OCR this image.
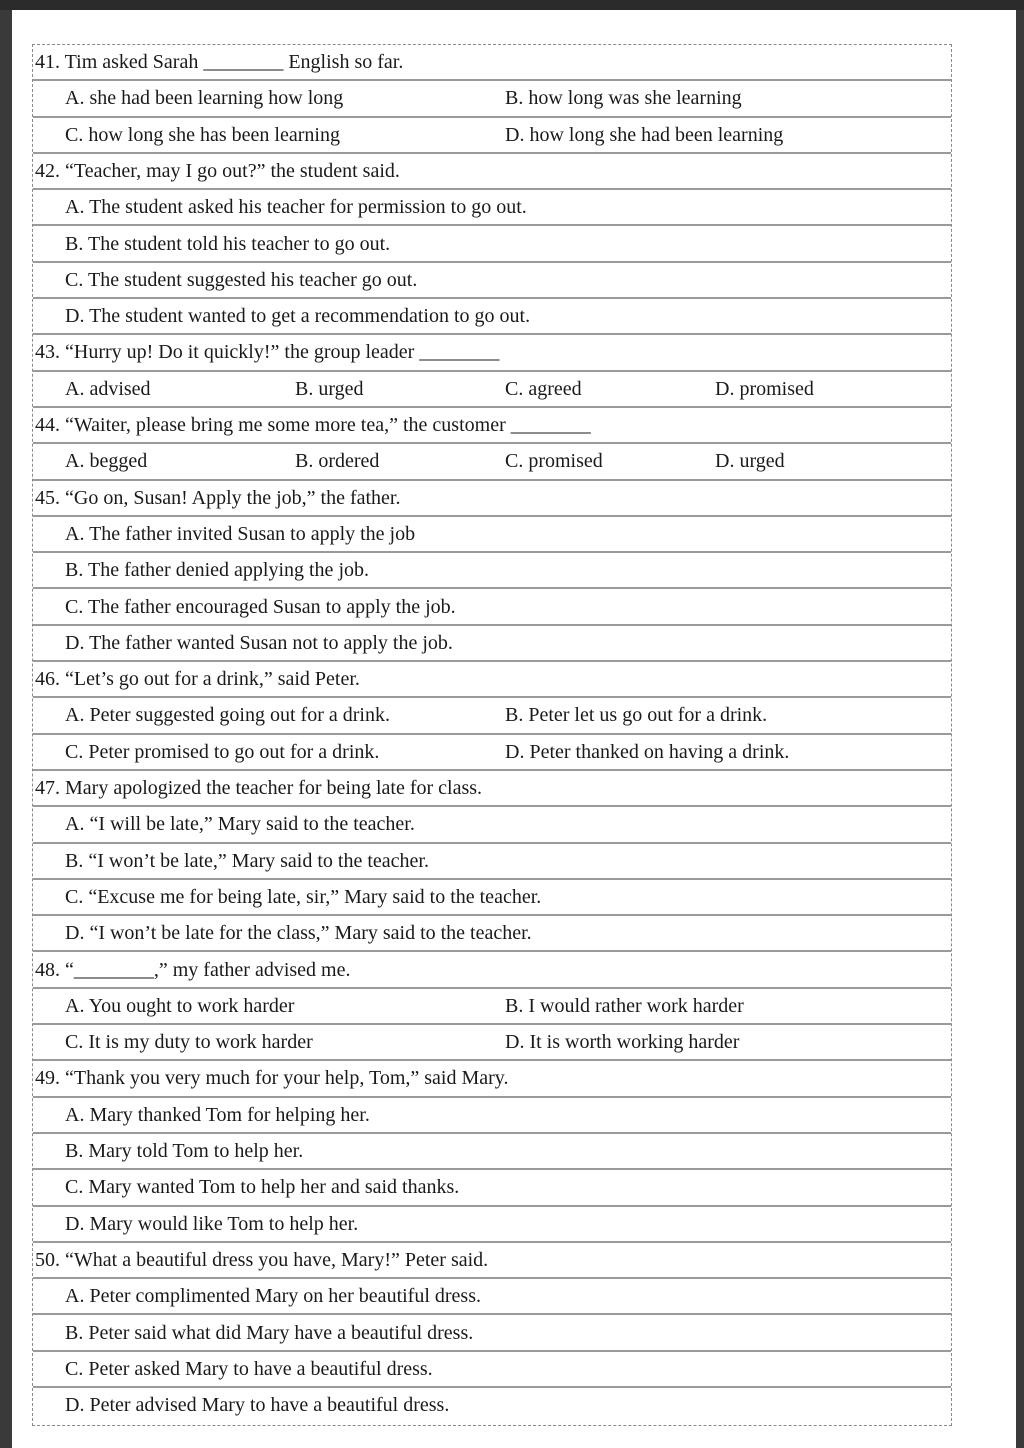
41. Tim asked Sarah ________ English so far.
A. she had been learning how long	B. how long was she learning
C. how long she has been learning	D. how long she had been learning
42. “Teacher, may I go out?” the student said.
A. The student asked his teacher for permission to go out.
B. The student told his teacher to go out.
C. The student suggested his teacher go out.
D. The student wanted to get a recommendation to go out.
43. “Hurry up! Do it quickly!” the group leader ________
A. advised	B. urged	C. agreed	D. promised
44. “Waiter, please bring me some more tea,” the customer ________
A. begged	B. ordered	C. promised	D. urged
45. “Go on, Susan! Apply the job,” the father.
A. The father invited Susan to apply the job
B. The father denied applying the job.
C. The father encouraged Susan to apply the job.
D. The father wanted Susan not to apply the job.
46. “Let’s go out for a drink,” said Peter.
A. Peter suggested going out for a drink.	B. Peter let us go out for a drink.
C. Peter promised to go out for a drink.	D. Peter thanked on having a drink.
47. Mary apologized the teacher for being late for class.
A. “I will be late,” Mary said to the teacher.
B. “I won’t be late,” Mary said to the teacher.
C. “Excuse me for being late, sir,” Mary said to the teacher.
D. “I won’t be late for the class,” Mary said to the teacher.
48. “________,” my father advised me.
A. You ought to work harder	B. I would rather work harder
C. It is my duty to work harder	D. It is worth working harder
49. “Thank you very much for your help, Tom,” said Mary.
A. Mary thanked Tom for helping her.
B. Mary told Tom to help her.
C. Mary wanted Tom to help her and said thanks.
D. Mary would like Tom to help her.
50. “What a beautiful dress you have, Mary!” Peter said.
A. Peter complimented Mary on her beautiful dress.
B. Peter said what did Mary have a beautiful dress.
C. Peter asked Mary to have a beautiful dress.
D. Peter advised Mary to have a beautiful dress.
